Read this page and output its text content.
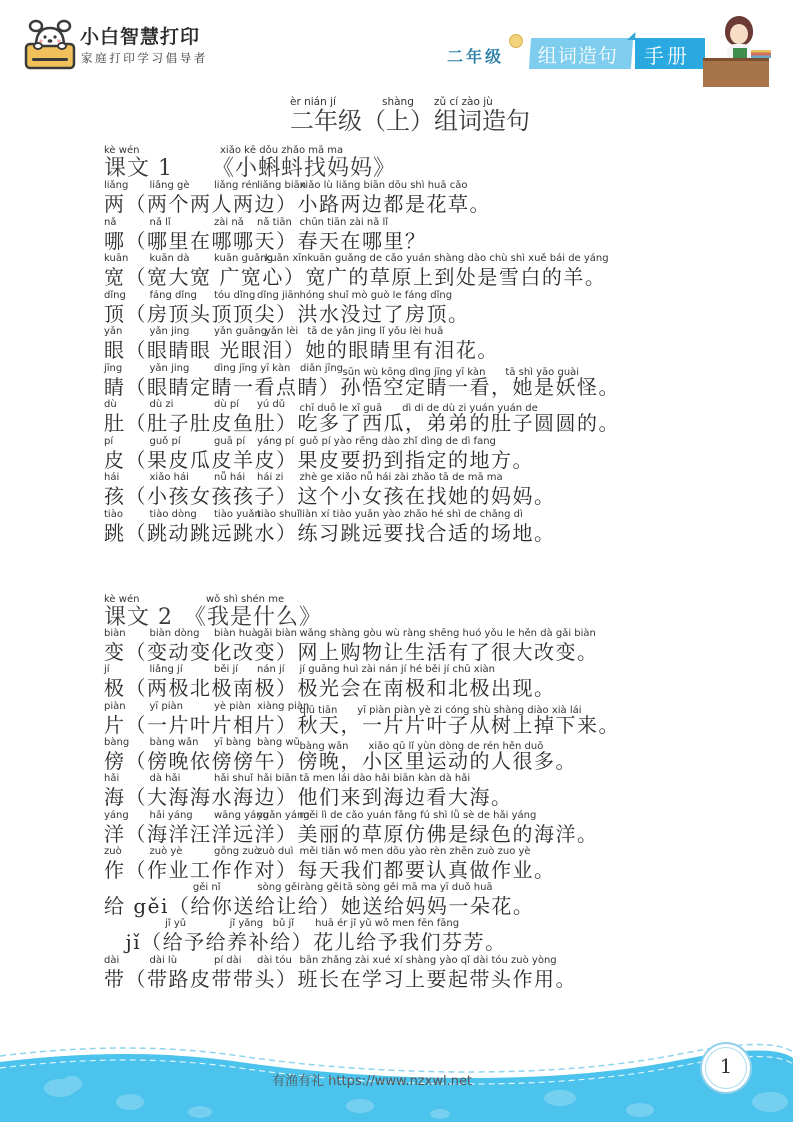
小白智慧打印
家庭打印学习倡导者	二年级 组词造句 手册
èr nián jí
二年级
shàng
（上）
zǔ cí zào jù
组词造句
kè wén
课文 1
xiǎo kē dǒu zhǎo mā ma
《小蝌蚪找妈妈》
liǎng
两
liǎng gè
（两个
liǎng rén
两人
liǎng biān
两边）
xiǎo lù liǎng biān dōu shì huā cǎo
小路两边都是花草。
nǎ
哪
nǎ lǐ
（哪里
zài nǎ
在哪
nǎ tiān
哪天）
chūn tiān zài nǎ lǐ
春天在哪里？
kuān
宽
kuān dà
（宽大
kuān guǎng
宽 广
kuān xīn
宽心）
kuān guǎng de cǎo yuán shàng dào chù shì xuě bái de yáng
宽广的草原上到处是雪白的羊。
dǐng
顶
fáng dǐng
（房顶
tóu dǐng
头顶
dǐng jiān
顶尖）
hóng shuǐ mò guò le fáng dǐng
洪水没过了房顶。
yǎn
眼
yǎn jing
（眼睛
yǎn guāng
眼 光
yǎn lèi
眼泪）
tā de yǎn jing lǐ yǒu lèi huā
她的眼睛里有泪花。
jīng
睛
yǎn jing
（眼睛
dìng jīng yī kàn
定睛一看
diǎn jīng
点睛）
sūn wù kōng dìng jīng yī kàn　　tā shì yāo guài
孙悟空定睛一看，她是妖怪。
dù
肚
dù zi
（肚子
dù pí
肚皮
yú dǔ
鱼肚）
chī duō le xī guā　　dì di de dù zi yuán yuán de
吃多了西瓜，弟弟的肚子圆圆的。
pí
皮
guǒ pí
（果皮
guā pí
瓜皮
yáng pí
羊皮）
guǒ pí yào rēng dào zhǐ dìng de dì fang
果皮要扔到指定的地方。
hái
孩
xiǎo hái
（小孩
nǚ hái
女孩
hái zi
孩子）
zhè ge xiǎo nǚ hái zài zhǎo tā de mā ma
这个小女孩在找她的妈妈。
tiào
跳
tiào dòng
（跳动
tiào yuǎn
跳远
tiào shuǐ
跳水）
liàn xí tiào yuǎn yào zhǎo hé shì de chǎng dì
练习跳远要找合适的场地。
kè wén
课文 2
wǒ shì shén me
《我是什么》
biàn
变
biàn dòng
（变动
biàn huà
变化
gǎi biàn
改变）
wǎng shàng gòu wù ràng shēng huó yǒu le hěn dà gǎi biàn
网上购物让生活有了很大改变。
jí
极
liǎng jí
（两极
běi jí
北极
nán jí
南极）
jí guāng huì zài nán jí hé běi jí chū xiàn
极光会在南极和北极出现。
piàn
片
yī piàn
（一片
yè piàn
叶片
xiàng piàn
相片）
qiū tiān　　yī piàn piàn yè zi cóng shù shàng diào xià lái
秋天，一片片叶子从树上掉下来。
bàng
傍
bàng wǎn
（傍晚
yī bàng
依傍
bàng wǔ
傍午）
bàng wǎn　　xiǎo qū lǐ yùn dòng de rén hěn duō
傍晚，小区里运动的人很多。
hǎi
海
dà hǎi
（大海
hǎi shuǐ
海水
hǎi biān
海边）
tā men lái dào hǎi biān kàn dà hǎi
他们来到海边看大海。
yáng
洋
hǎi yáng
（海洋
wāng yáng
汪洋
yuǎn yáng
远洋）
měi lì de cǎo yuán fǎng fú shì lǜ sè de hǎi yáng
美丽的草原仿佛是绿色的海洋。
zuò
作
zuò yè
（作业
gōng zuò
工作
zuò duì
作对）
měi tiān wǒ men dōu yào rèn zhēn zuò zuo yè
每天我们都要认真做作业。
给 gěi
gěi nǐ
（给你
sòng gěi
送给
ràng gěi
让给）
tā sòng gěi mā ma yī duǒ huā
她送给妈妈一朵花。
　jǐ
jǐ yǔ
（给予
jǐ yǎng
给养
bǔ jǐ
补给）
huā ér jǐ yǔ wǒ men fēn fāng
花儿给予我们芬芳。
dài
带
dài lù
（带路
pí dài
皮带
dài tóu
带头）
bān zhǎng zài xué xí shàng yào qǐ dài tóu zuò yòng
班长在学习上要起带头作用。
有渔有礼 https://www.nzxwl.net
1
